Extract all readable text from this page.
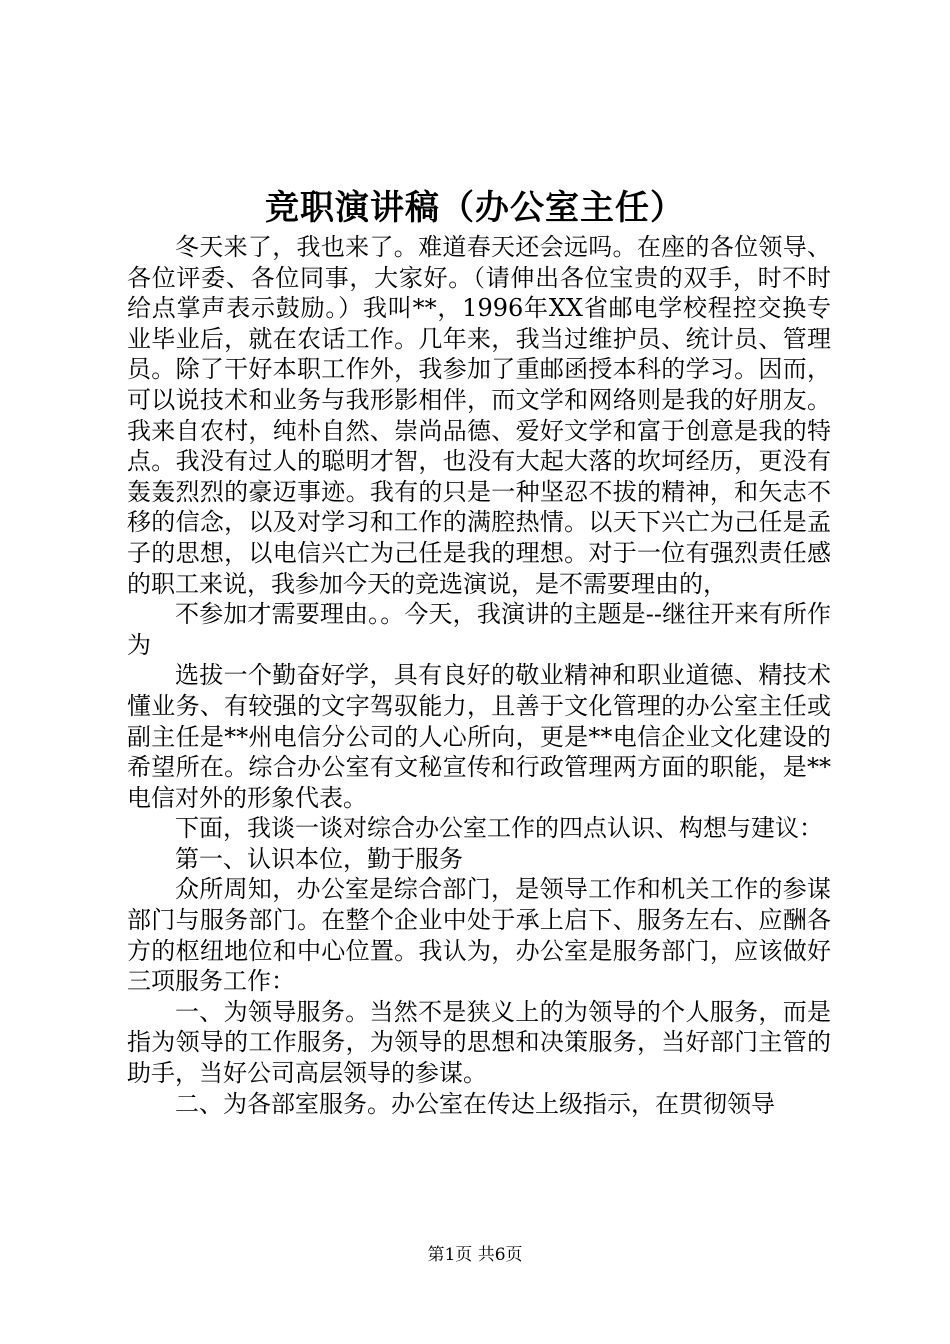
竞职演讲稿（办公室主任）

冬天来了，我也来了。难道春天还会远吗。在座的各位领导、各位评委、各位同事，大家好。（请伸出各位宝贵的双手，时不时给点掌声表示鼓励。）我叫**，1996年XX省邮电学校程控交换专业毕业后，就在农话工作。几年来，我当过维护员、统计员、管理员。除了干好本职工作外，我参加了重邮函授本科的学习。因而，可以说技术和业务与我形影相伴，而文学和网络则是我的好朋友。我来自农村，纯朴自然、崇尚品德、爱好文学和富于创意是我的特点。我没有过人的聪明才智，也没有大起大落的坎坷经历，更没有轰轰烈烈的豪迈事迹。我有的只是一种坚忍不拔的精神，和矢志不移的信念，以及对学习和工作的满腔热情。以天下兴亡为己任是孟子的思想，以电信兴亡为己任是我的理想。对于一位有强烈责任感的职工来说，我参加今天的竞选演说，是不需要理由的，

不参加才需要理由。。今天，我演讲的主题是--继往开来有所作为

选拔一个勤奋好学，具有良好的敬业精神和职业道德、精技术懂业务、有较强的文字驾驭能力，且善于文化管理的办公室主任或副主任是**州电信分公司的人心所向，更是**电信企业文化建设的希望所在。综合办公室有文秘宣传和行政管理两方面的职能，是**电信对外的形象代表。

下面，我谈一谈对综合办公室工作的四点认识、构想与建议：

第一、认识本位，勤于服务

众所周知，办公室是综合部门，是领导工作和机关工作的参谋部门与服务部门。在整个企业中处于承上启下、服务左右、应酬各方的枢纽地位和中心位置。我认为，办公室是服务部门，应该做好三项服务工作：

一、为领导服务。当然不是狭义上的为领导的个人服务，而是指为领导的工作服务，为领导的思想和决策服务，当好部门主管的助手，当好公司高层领导的参谋。

二、为各部室服务。办公室在传达上级指示，在贯彻领导

第1页 共6页
